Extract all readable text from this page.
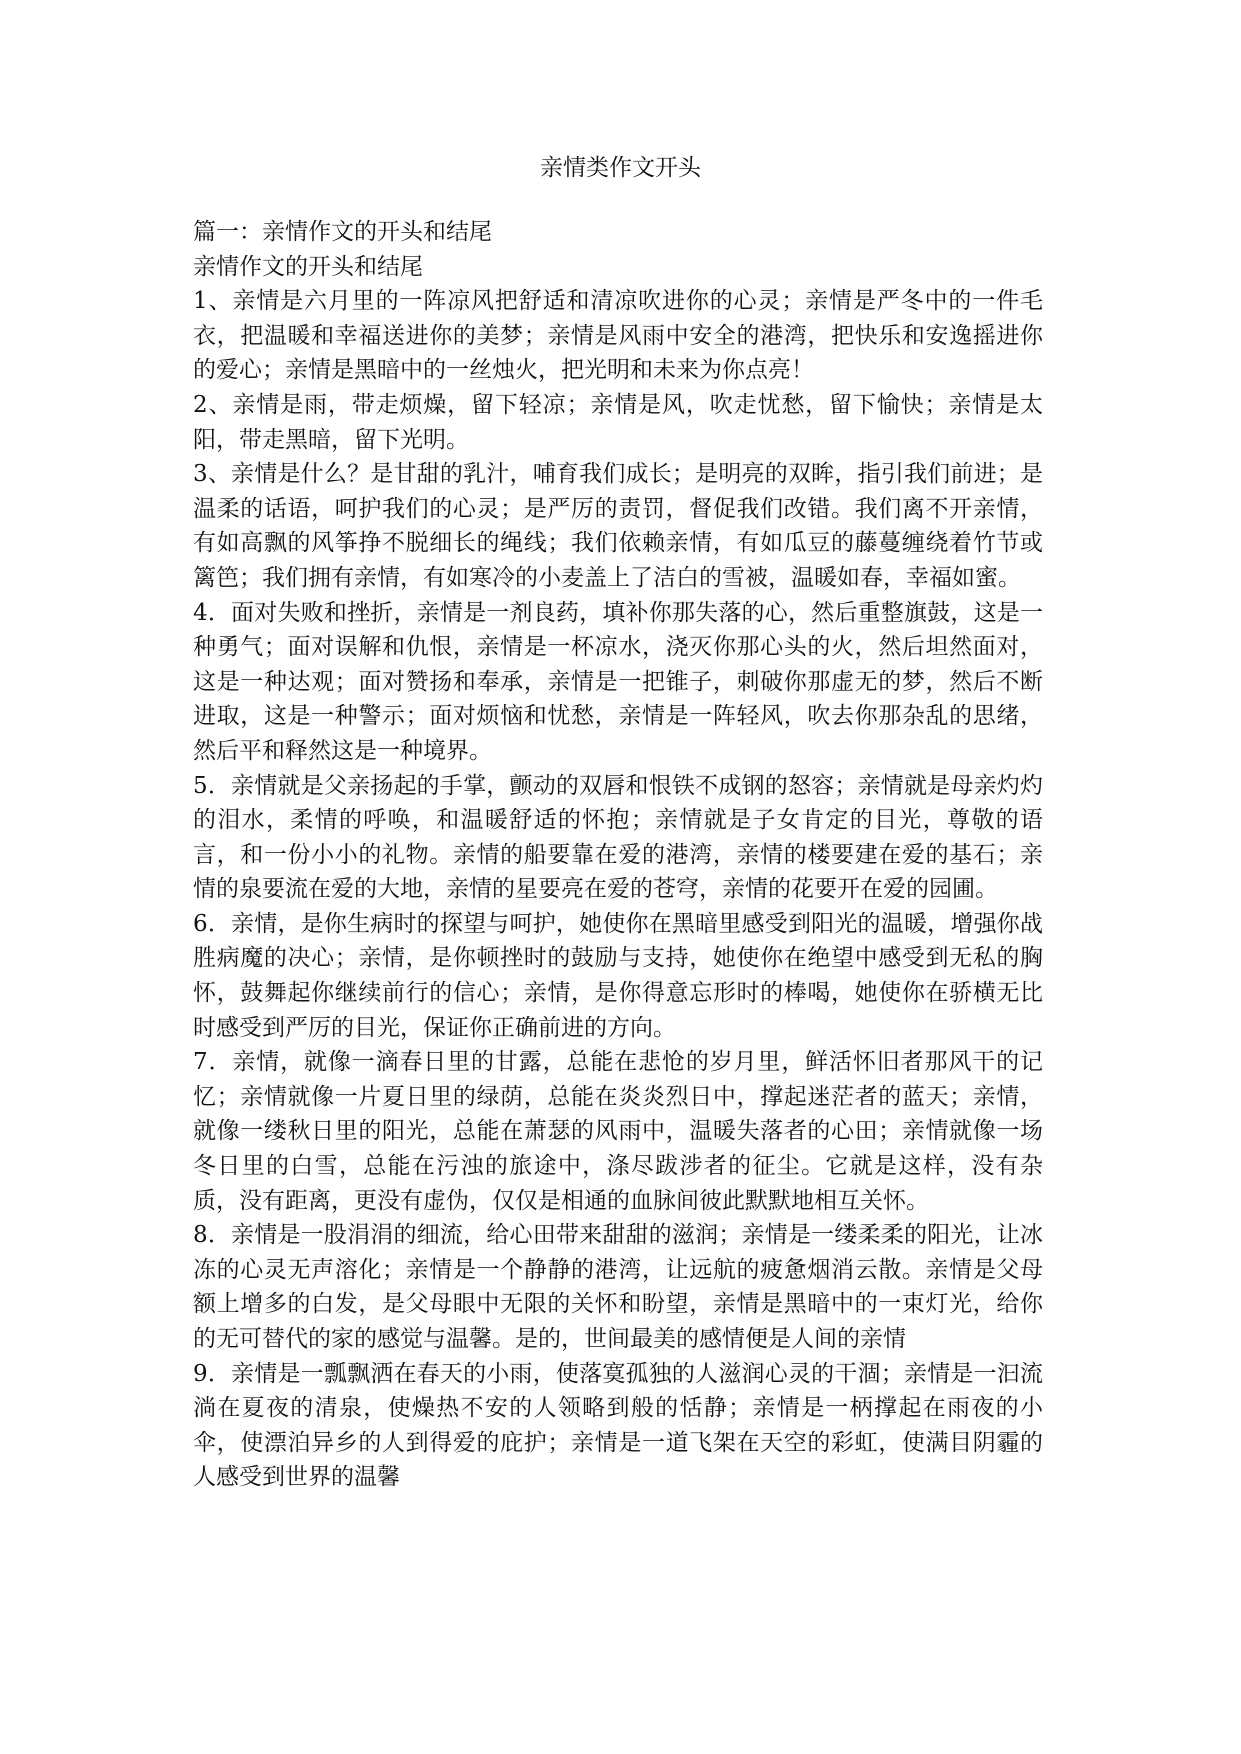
亲情类作文开头

篇一：亲情作文的开头和结尾

亲情作文的开头和结尾

1、亲情是六月里的一阵凉风把舒适和清凉吹进你的心灵；亲情是严冬中的一件毛衣，把温暖和幸福送进你的美梦；亲情是风雨中安全的港湾，把快乐和安逸摇进你的爱心；亲情是黑暗中的一丝烛火，把光明和未来为你点亮！

2、亲情是雨，带走烦燥，留下轻凉；亲情是风，吹走忧愁，留下愉快；亲情是太阳，带走黑暗，留下光明。

3、亲情是什么？是甘甜的乳汁，哺育我们成长；是明亮的双眸，指引我们前进；是温柔的话语，呵护我们的心灵；是严厉的责罚，督促我们改错。我们离不开亲情，有如高飘的风筝挣不脱细长的绳线；我们依赖亲情，有如瓜豆的藤蔓缠绕着竹节或篱笆；我们拥有亲情，有如寒冷的小麦盖上了洁白的雪被，温暖如春，幸福如蜜。

4．面对失败和挫折，亲情是一剂良药，填补你那失落的心，然后重整旗鼓，这是一种勇气；面对误解和仇恨，亲情是一杯凉水，浇灭你那心头的火，然后坦然面对，这是一种达观；面对赞扬和奉承，亲情是一把锥子，刺破你那虚无的梦，然后不断进取，这是一种警示；面对烦恼和忧愁，亲情是一阵轻风，吹去你那杂乱的思绪，然后平和释然这是一种境界。

5．亲情就是父亲扬起的手掌，颤动的双唇和恨铁不成钢的怒容；亲情就是母亲灼灼的泪水，柔情的呼唤，和温暖舒适的怀抱；亲情就是子女肯定的目光，尊敬的语言，和一份小小的礼物。亲情的船要靠在爱的港湾，亲情的楼要建在爱的基石；亲情的泉要流在爱的大地，亲情的星要亮在爱的苍穹，亲情的花要开在爱的园圃。

6．亲情，是你生病时的探望与呵护，她使你在黑暗里感受到阳光的温暖，增强你战胜病魔的决心；亲情，是你顿挫时的鼓励与支持，她使你在绝望中感受到无私的胸怀，鼓舞起你继续前行的信心；亲情，是你得意忘形时的棒喝，她使你在骄横无比时感受到严厉的目光，保证你正确前进的方向。

7．亲情，就像一滴春日里的甘露，总能在悲怆的岁月里，鲜活怀旧者那风干的记忆；亲情就像一片夏日里的绿荫，总能在炎炎烈日中，撑起迷茫者的蓝天；亲情，就像一缕秋日里的阳光，总能在萧瑟的风雨中，温暖失落者的心田；亲情就像一场冬日里的白雪，总能在污浊的旅途中，涤尽跋涉者的征尘。它就是这样，没有杂质，没有距离，更没有虚伪，仅仅是相通的血脉间彼此默默地相互关怀。

8．亲情是一股涓涓的细流，给心田带来甜甜的滋润；亲情是一缕柔柔的阳光，让冰冻的心灵无声溶化；亲情是一个静静的港湾，让远航的疲惫烟消云散。亲情是父母额上增多的白发，是父母眼中无限的关怀和盼望，亲情是黑暗中的一束灯光，给你的无可替代的家的感觉与温馨。是的，世间最美的感情便是人间的亲情

9．亲情是一瓢飘洒在春天的小雨，使落寞孤独的人滋润心灵的干涸；亲情是一汩流淌在夏夜的清泉，使燥热不安的人领略到般的恬静；亲情是一柄撑起在雨夜的小伞，使漂泊异乡的人到得爱的庇护；亲情是一道飞架在天空的彩虹，使满目阴霾的人感受到世界的温馨
